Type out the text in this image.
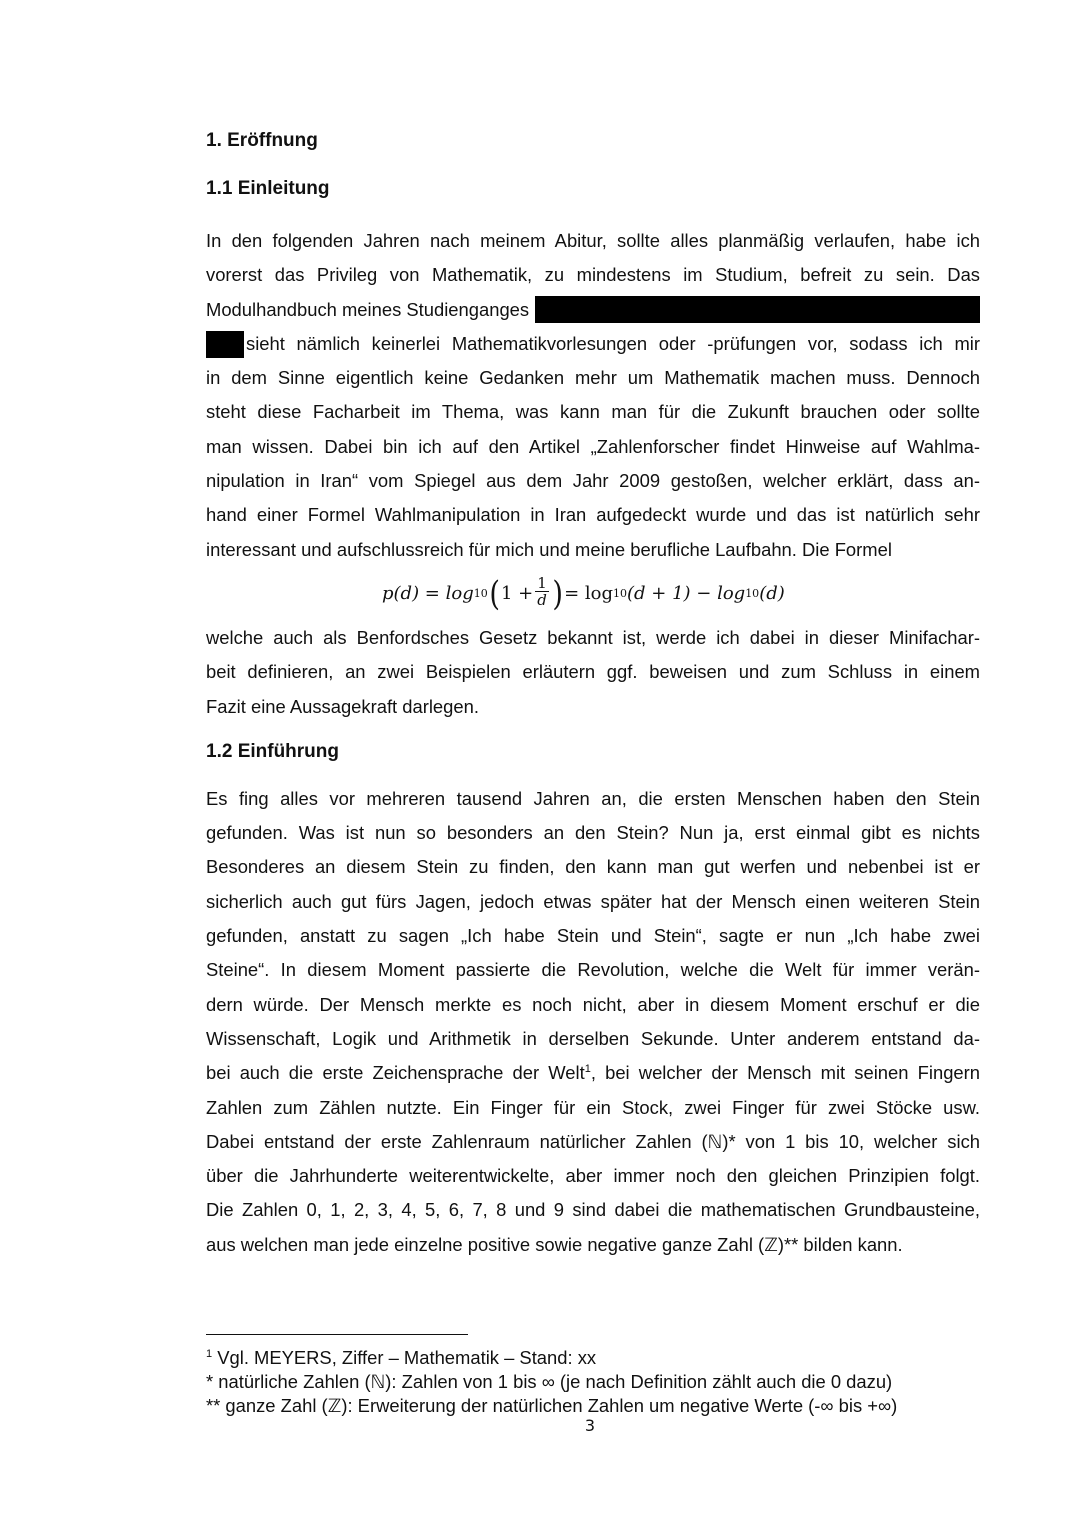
1. Eröffnung
1.1 Einleitung

In den folgenden Jahren nach meinem Abitur, sollte alles planmäßig verlaufen, habe ich
vorerst das Privileg von Mathematik, zu mindestens im Studium, befreit zu sein. Das
Modulhandbuch meines Studienganges
sieht nämlich keinerlei Mathematikvorlesungen oder -prüfungen vor, sodass ich mir
in dem Sinne eigentlich keine Gedanken mehr um Mathematik machen muss. Dennoch
steht diese Facharbeit im Thema, was kann man für die Zukunft brauchen oder sollte
man wissen. Dabei bin ich auf den Artikel „Zahlenforscher findet Hinweise auf Wahlma-
nipulation in Iran“ vom Spiegel aus dem Jahr 2009 gestoßen, welcher erklärt, dass an-
hand einer Formel Wahlmanipulation in Iran aufgedeckt wurde und das ist natürlich sehr
interessant und aufschlussreich für mich und meine berufliche Laufbahn. Die Formel

p(d) = log 10 ( $1 + \frac{1}{d}$ ) = log 10 (d + 1) − log 10 (d)

welche auch als Benfordsches Gesetz bekannt ist, werde ich dabei in dieser Minifachar-
beit definieren, an zwei Beispielen erläutern ggf. beweisen und zum Schluss in einem
Fazit eine Aussagekraft darlegen.

1.2 Einführung

Es fing alles vor mehreren tausend Jahren an, die ersten Menschen haben den Stein
gefunden. Was ist nun so besonders an den Stein? Nun ja, erst einmal gibt es nichts
Besonderes an diesem Stein zu finden, den kann man gut werfen und nebenbei ist er
sicherlich auch gut fürs Jagen, jedoch etwas später hat der Mensch einen weiteren Stein
gefunden, anstatt zu sagen „Ich habe Stein und Stein“, sagte er nun „Ich habe zwei
Steine“. In diesem Moment passierte die Revolution, welche die Welt für immer verän-
dern würde. Der Mensch merkte es noch nicht, aber in diesem Moment erschuf er die
Wissenschaft, Logik und Arithmetik in derselben Sekunde. Unter anderem entstand da-
bei auch die erste Zeichensprache der Welt$^1$, bei welcher der Mensch mit seinen Fingern
Zahlen zum Zählen nutzte. Ein Finger für ein Stock, zwei Finger für zwei Stöcke usw.
Dabei entstand der erste Zahlenraum natürlicher Zahlen (ℕ)* von 1 bis 10, welcher sich
über die Jahrhunderte weiterentwickelte, aber immer noch den gleichen Prinzipien folgt.
Die Zahlen 0, 1, 2, 3, 4, 5, 6, 7, 8 und 9 sind dabei die mathematischen Grundbausteine,
aus welchen man jede einzelne positive sowie negative ganze Zahl (ℤ)** bilden kann.

$^1$ Vgl. MEYERS, Ziffer – Mathematik – Stand: xx
* natürliche Zahlen (ℕ): Zahlen von 1 bis ∞ (je nach Definition zählt auch die 0 dazu)
** ganze Zahl (ℤ): Erweiterung der natürlichen Zahlen um negative Werte (-∞ bis +∞)
3
